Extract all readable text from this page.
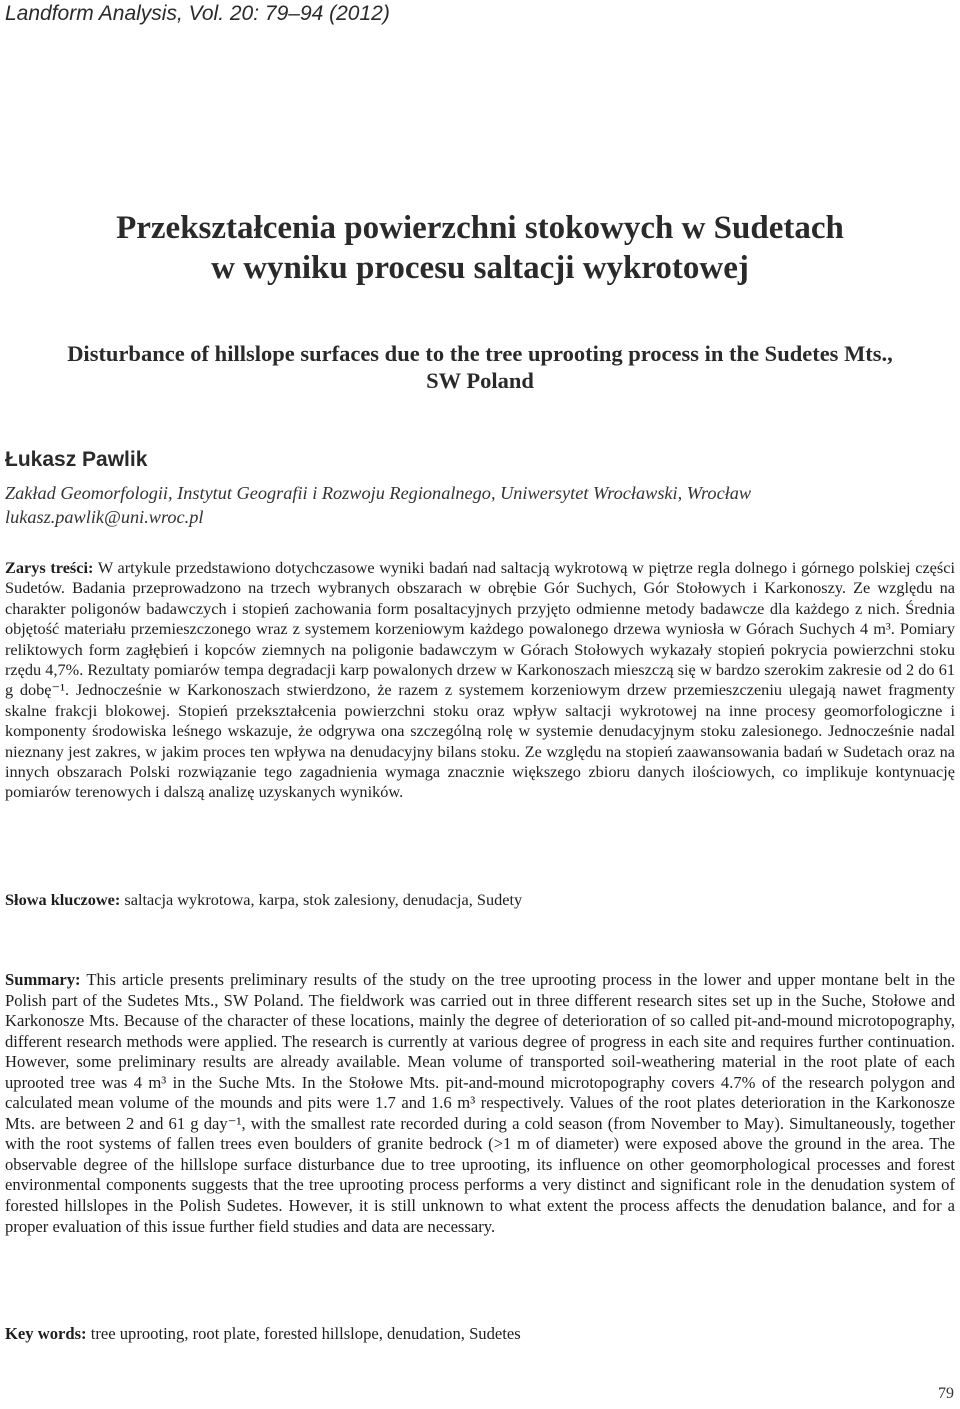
Landform Analysis, Vol. 20: 79–94 (2012)

Przekształcenia powierzchni stokowych w Sudetach
w wyniku procesu saltacji wykrotowej
Disturbance of hillslope surfaces due to the tree uprooting process in the Sudetes Mts.,
SW Poland

Łukasz Pawlik

Zakład Geomorfologii, Instytut Geografii i Rozwoju Regionalnego, Uniwersytet Wrocławski, Wrocław
lukasz.pawlik@uni.wroc.pl

Zarys treści: W artykule przedstawiono dotychczasowe wyniki badań nad saltacją wykrotową w piętrze regla dolnego i górnego polskiej części Sudetów. Badania przeprowadzono na trzech wybranych obszarach w obrębie Gór Suchych, Gór Stołowych i Karkonoszy. Ze względu na charakter poligonów badawczych i stopień zachowania form posaltacyjnych przyjęto odmienne metody badawcze dla każdego z nich. Średnia objętość materiału przemieszczonego wraz z systemem korzeniowym każdego powalonego drzewa wyniosła w Górach Suchych 4 m³. Pomiary reliktowych form zagłębień i kopców ziemnych na poligonie badawczym w Górach Stołowych wykazały stopień pokrycia powierzchni stoku rzędu 4,7%. Rezultaty pomiarów tempa degradacji karp powalonych drzew w Karkonoszach mieszczą się w bardzo szerokim zakresie od 2 do 61 g dobę⁻¹. Jednocześnie w Karkonoszach stwierdzono, że razem z systemem korzeniowym drzew przemieszczeniu ulegają nawet fragmenty skalne frakcji blokowej. Stopień przekształcenia powierzchni stoku oraz wpływ saltacji wykrotowej na inne procesy geomorfologiczne i komponenty środowiska leśnego wskazuje, że odgrywa ona szczególną rolę w systemie denudacyjnym stoku zalesionego. Jednocześnie nadal nieznany jest zakres, w jakim proces ten wpływa na denudacyjny bilans stoku. Ze względu na stopień zaawansowania badań w Sudetach oraz na innych obszarach Polski rozwiązanie tego zagadnienia wymaga znacznie większego zbioru danych ilościowych, co implikuje kontynuację pomiarów terenowych i dalszą analizę uzyskanych wyników.

Słowa kluczowe: saltacja wykrotowa, karpa, stok zalesiony, denudacja, Sudety

Summary: This article presents preliminary results of the study on the tree uprooting process in the lower and upper montane belt in the Polish part of the Sudetes Mts., SW Poland. The fieldwork was carried out in three different research sites set up in the Suche, Stołowe and Karkonosze Mts. Because of the character of these locations, mainly the degree of deterioration of so called pit-and-mound microtopography, different research methods were applied. The research is currently at various degree of progress in each site and requires further continuation. However, some preliminary results are already available. Mean volume of transported soil-weathering material in the root plate of each uprooted tree was 4 m³ in the Suche Mts. In the Stołowe Mts. pit-and-mound microtopography covers 4.7% of the research polygon and calculated mean volume of the mounds and pits were 1.7 and 1.6 m³ respectively. Values of the root plates deterioration in the Karkonosze Mts. are between 2 and 61 g day⁻¹, with the smallest rate recorded during a cold season (from November to May). Simultaneously, together with the root systems of fallen trees even boulders of granite bedrock (>1 m of diameter) were exposed above the ground in the area. The observable degree of the hillslope surface disturbance due to tree uprooting, its influence on other geomorphological processes and forest environmental components suggests that the tree uprooting process performs a very distinct and significant role in the denudation system of forested hillslopes in the Polish Sudetes. However, it is still unknown to what extent the process affects the denudation balance, and for a proper evaluation of this issue further field studies and data are necessary.

Key words: tree uprooting, root plate, forested hillslope, denudation, Sudetes

79
